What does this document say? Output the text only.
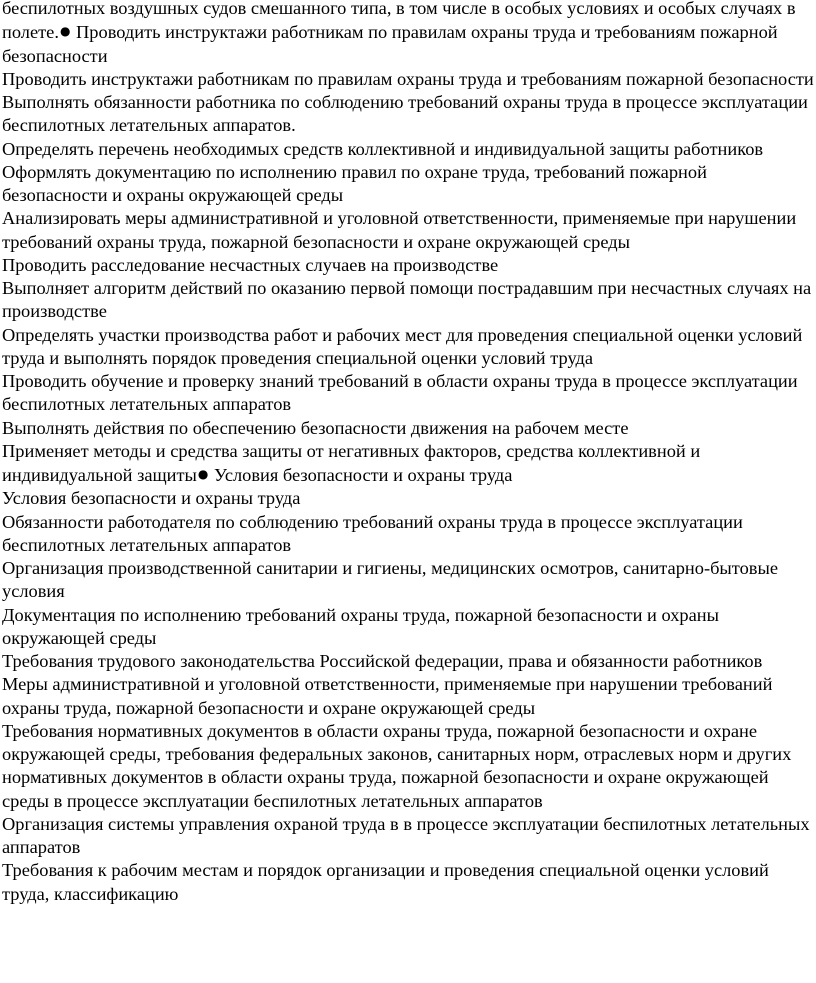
беспилотных воздушных судов смешанного типа, в том числе в особых условиях и особых случаях в полете.● Проводить инструктажи работникам по правилам охраны труда и требованиям пожарной безопасности

Проводить инструктажи работникам по правилам охраны труда и требованиям пожарной безопасности

Выполнять обязанности работника по соблюдению требований охраны труда в процессе эксплуатации беспилотных летательных аппаратов.

Определять перечень необходимых средств коллективной и индивидуальной защиты работников

Оформлять документацию по исполнению правил по охране труда, требований пожарной безопасности и охраны окружающей среды

Анализировать меры административной и уголовной ответственности, применяемые при нарушении требований охраны труда, пожарной безопасности и охране окружающей среды

Проводить расследование несчастных случаев на производстве

Выполняет алгоритм действий по оказанию первой помощи пострадавшим при несчастных случаях на производстве

Определять участки производства работ и рабочих мест для проведения специальной оценки условий труда и выполнять порядок проведения специальной оценки условий труда

Проводить обучение и проверку знаний требований в области охраны труда в процессе эксплуатации беспилотных летательных аппаратов

Выполнять действия по обеспечению безопасности движения на рабочем месте

Применяет методы и средства защиты от негативных факторов, средства коллективной и индивидуальной защиты● Условия безопасности и охраны труда

Условия безопасности и охраны труда

Обязанности работодателя по соблюдению требований охраны труда в процессе эксплуатации беспилотных летательных аппаратов

Организация производственной санитарии и гигиены, медицинских осмотров, санитарно-бытовые условия

Документация по исполнению требований охраны труда, пожарной безопасности и охраны окружающей среды

Требования трудового законодательства Российской федерации, права и обязанности работников

Меры административной и уголовной ответственности, применяемые при нарушении требований охраны труда, пожарной безопасности и охране окружающей среды

Требования нормативных документов в области охраны труда, пожарной безопасности и охране окружающей среды, требования федеральных законов, санитарных норм, отраслевых норм и других нормативных документов в области охраны труда, пожарной безопасности и охране окружающей среды в процессе эксплуатации беспилотных летательных аппаратов

Организация системы управления охраной труда в в процессе эксплуатации беспилотных летательных аппаратов

Требования к рабочим местам и порядок организации и проведения специальной оценки условий труда, классификацию
